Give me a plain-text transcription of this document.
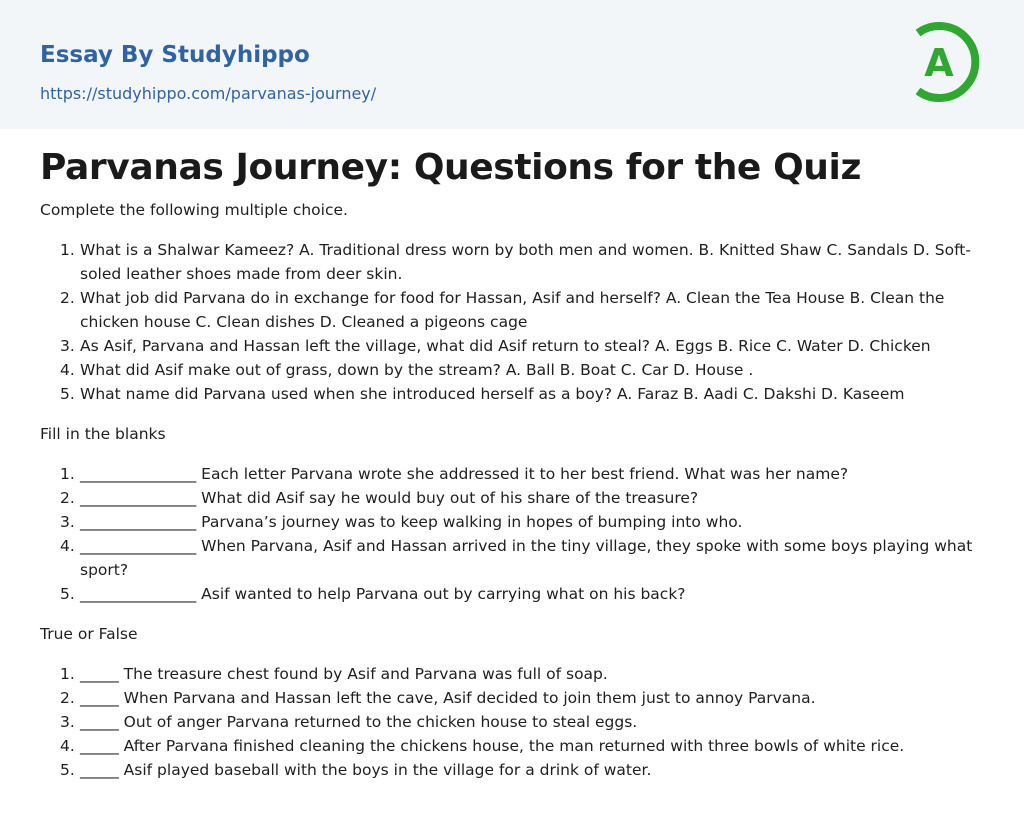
Essay By Studyhippo
https://studyhippo.com/parvanas-journey/
A
Parvanas Journey: Questions for the Quiz

Complete the following multiple choice.

1. What is a Shalwar Kameez? A. Traditional dress worn by both men and women. B. Knitted Shaw C. Sandals D. Soft-soled leather shoes made from deer skin.
2. What job did Parvana do in exchange for food for Hassan, Asif and herself? A. Clean the Tea House B. Clean the chicken house C. Clean dishes D. Cleaned a pigeons cage
3. As Asif, Parvana and Hassan left the village, what did Asif return to steal? A. Eggs B. Rice C. Water D. Chicken
4. What did Asif make out of grass, down by the stream? A. Ball B. Boat C. Car D. House .
5. What name did Parvana used when she introduced herself as a boy? A. Faraz B. Aadi C. Dakshi D. Kaseem

Fill in the blanks

1. _______________ Each letter Parvana wrote she addressed it to her best friend. What was her name?
2. _______________ What did Asif say he would buy out of his share of the treasure?
3. _______________ Parvana’s journey was to keep walking in hopes of bumping into who.
4. _______________ When Parvana, Asif and Hassan arrived in the tiny village, they spoke with some boys playing what sport?
5. _______________ Asif wanted to help Parvana out by carrying what on his back?

True or False

1. _____ The treasure chest found by Asif and Parvana was full of soap.
2. _____ When Parvana and Hassan left the cave, Asif decided to join them just to annoy Parvana.
3. _____ Out of anger Parvana returned to the chicken house to steal eggs.
4. _____ After Parvana finished cleaning the chickens house, the man returned with three bowls of white rice.
5. _____ Asif played baseball with the boys in the village for a drink of water.
